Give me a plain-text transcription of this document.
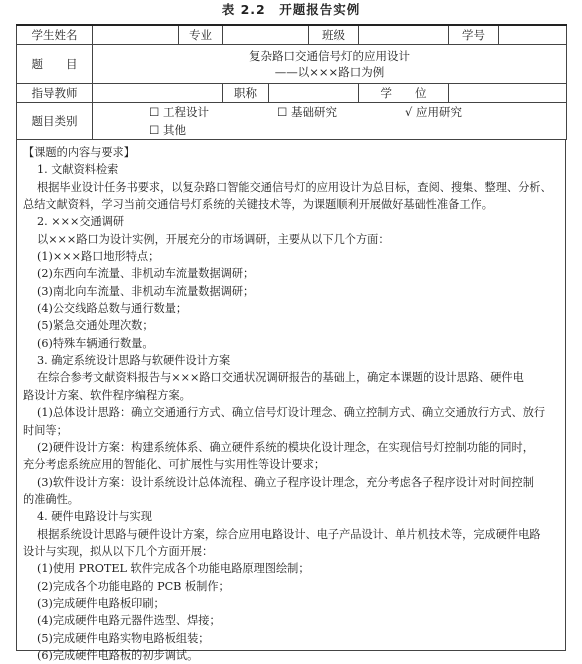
表 2.2　开题报告实例
学生姓名		专业			班级		学号	
题　　目	复杂路口交通信号灯的应用设计
——以×××路口为例							

指导教师			职称			学　　位		
题目类别	☐ 工程设计 ☐ 基础研究 √ 应用研究☐ 其他							

【课题的内容与要求】

1. 文献资料检索

根据毕业设计任务书要求，以复杂路口智能交通信号灯的应用设计为总目标，查阅、搜集、整理、分析、

总结文献资料，学习当前交通信号灯系统的关键技术等，为课题顺利开展做好基础性准备工作。

2. ×××交通调研

以×××路口为设计实例，开展充分的市场调研，主要从以下几个方面：

(1)×××路口地形特点；

(2)东西向车流量、非机动车流量数据调研；

(3)南北向车流量、非机动车流量数据调研；

(4)公交线路总数与通行数量；

(5)紧急交通处理次数；

(6)特殊车辆通行数量。

3. 确定系统设计思路与软硬件设计方案

在综合参考文献资料报告与×××路口交通状况调研报告的基础上，确定本课题的设计思路、硬件电

路设计方案、软件程序编程方案。

(1)总体设计思路：确立交通通行方式、确立信号灯设计理念、确立控制方式、确立交通放行方式、放行

时间等；

(2)硬件设计方案：构建系统体系、确立硬件系统的模块化设计理念，在实现信号灯控制功能的同时，

充分考虑系统应用的智能化、可扩展性与实用性等设计要求；

(3)软件设计方案：设计系统设计总体流程、确立子程序设计理念，充分考虑各子程序设计对时间控制

的准确性。

4. 硬件电路设计与实现

根据系统设计思路与硬件设计方案，综合应用电路设计、电子产品设计、单片机技术等，完成硬件电路

设计与实现，拟从以下几个方面开展：

(1)使用 PROTEL 软件完成各个功能电路原理图绘制；

(2)完成各个功能电路的 PCB 板制作；

(3)完成硬件电路板印刷；

(4)完成硬件电路元器件选型、焊接；

(5)完成硬件电路实物电路板组装；

(6)完成硬件电路板的初步调试。
